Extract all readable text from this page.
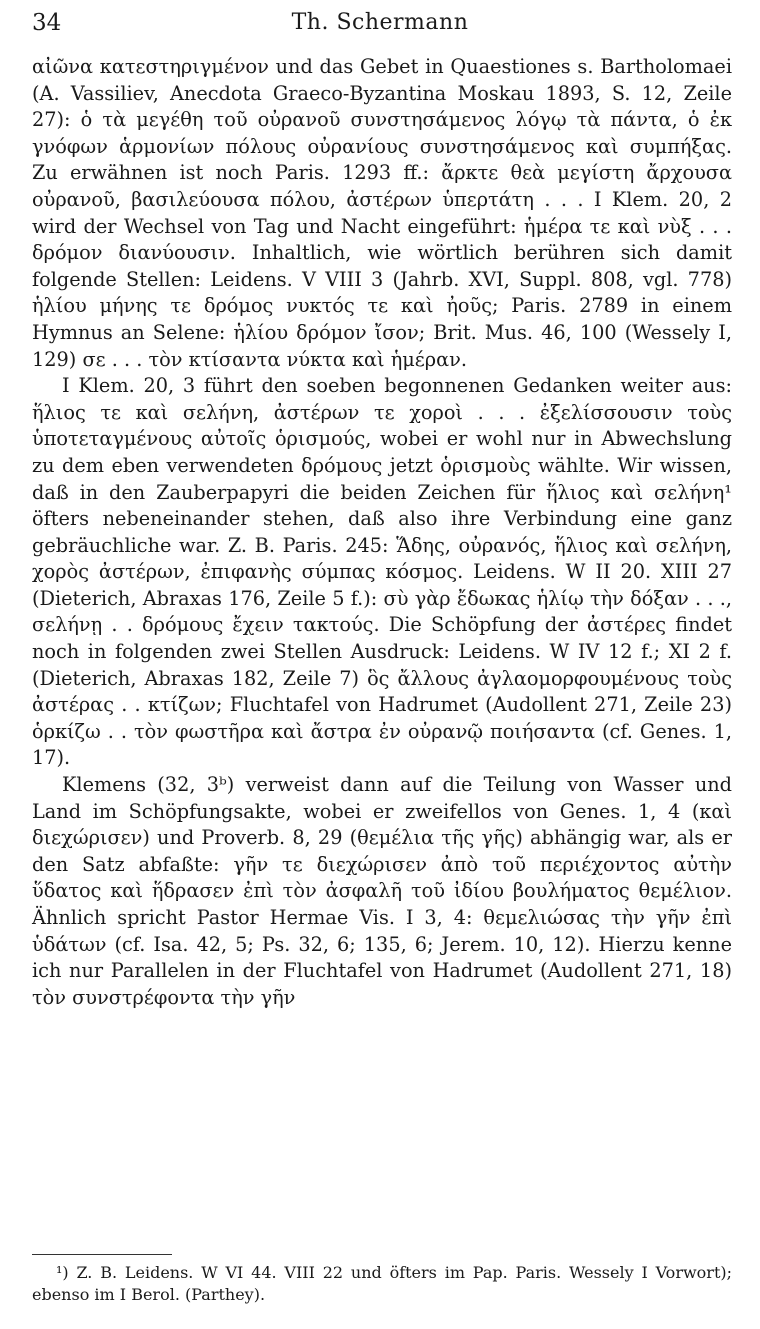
34	Th. Schermann

αἰῶνα κατεστηριγμένον und das Gebet in Quaestiones s. Bartholomaei (A. Vassiliev, Anecdota Graeco-Byzantina Moskau 1893, S. 12, Zeile 27): ὁ τὰ μεγέθη τοῦ οὐρανοῦ συνστησάμενος λόγῳ τὰ πάντα, ὁ ἐκ γνόφων ἁρμονίων πόλους οὐρανίους συνστησάμενος καὶ συμπήξας. Zu erwähnen ist noch Paris. 1293 ff.: ἄρκτε θεὰ μεγίστη ἄρχουσα οὐρανοῦ, βασιλεύουσα πόλου, ἀστέρων ὑπερτάτη . . . I Klem. 20, 2 wird der Wechsel von Tag und Nacht eingeführt: ἡμέρα τε καὶ νὺξ . . . δρόμον διανύουσιν. Inhaltlich, wie wörtlich berühren sich damit folgende Stellen: Leidens. V VIII 3 (Jahrb. XVI, Suppl. 808, vgl. 778) ἡλίου μήνης τε δρόμος νυκτός τε καὶ ἠοῦς; Paris. 2789 in einem Hymnus an Selene: ἡλίου δρόμον ἴσον; Brit. Mus. 46, 100 (Wessely I, 129) σε . . . τὸν κτίσαντα νύκτα καὶ ἡμέραν.

I Klem. 20, 3 führt den soeben begonnenen Gedanken weiter aus: ἥλιος τε καὶ σελήνη, ἀστέρων τε χοροὶ . . . ἐξελίσσουσιν τοὺς ὑποτεταγμένους αὐτοῖς ὁρισμούς, wobei er wohl nur in Abwechslung zu dem eben verwendeten δρόμους jetzt ὁρισμοὺς wählte. Wir wissen, daß in den Zauberpapyri die beiden Zeichen für ἥλιος καὶ σελήνη¹ öfters nebeneinander stehen, daß also ihre Verbindung eine ganz gebräuchliche war. Z. B. Paris. 245: Ἅδης, οὐρανός, ἥλιος καὶ σελήνη, χορὸς ἀστέρων, ἐπιφανὴς σύμπας κόσμος. Leidens. W II 20. XIII 27 (Dieterich, Abraxas 176, Zeile 5 f.): σὺ γὰρ ἔδωκας ἡλίῳ τὴν δόξαν . . ., σελήνῃ . . δρόμους ἔχειν τακτούς. Die Schöpfung der ἀστέρες findet noch in folgenden zwei Stellen Ausdruck: Leidens. W IV 12 f.; XI 2 f. (Dieterich, Abraxas 182, Zeile 7) ὃς ἄλλους ἀγλαομορφουμένους τοὺς ἀστέρας . . κτίζων; Fluchtafel von Hadrumet (Audollent 271, Zeile 23) ὁρκίζω . . τὸν φωστῆρα καὶ ἄστρα ἐν οὐρανῷ ποιήσαντα (cf. Genes. 1, 17).

Klemens (32, 3ᵇ) verweist dann auf die Teilung von Wasser und Land im Schöpfungsakte, wobei er zweifellos von Genes. 1, 4 (καὶ διεχώρισεν) und Proverb. 8, 29 (θεμέλια τῆς γῆς) abhängig war, als er den Satz abfaßte: γῆν τε διεχώρισεν ἀπὸ τοῦ περιέχοντος αὐτὴν ὕδατος καὶ ἥδρασεν ἐπὶ τὸν ἀσφαλῆ τοῦ ἰδίου βουλήματος θεμέλιον. Ähnlich spricht Pastor Hermae Vis. I 3, 4: θεμελιώσας τὴν γῆν ἐπὶ ὑδάτων (cf. Isa. 42, 5; Ps. 32, 6; 135, 6; Jerem. 10, 12). Hierzu kenne ich nur Parallelen in der Fluchtafel von Hadrumet (Audollent 271, 18) τὸν συνστρέφοντα τὴν γῆν

¹) Z. B. Leidens. W VI 44. VIII 22 und öfters im Pap. Paris. Wessely I Vorwort); ebenso im I Berol. (Parthey).
